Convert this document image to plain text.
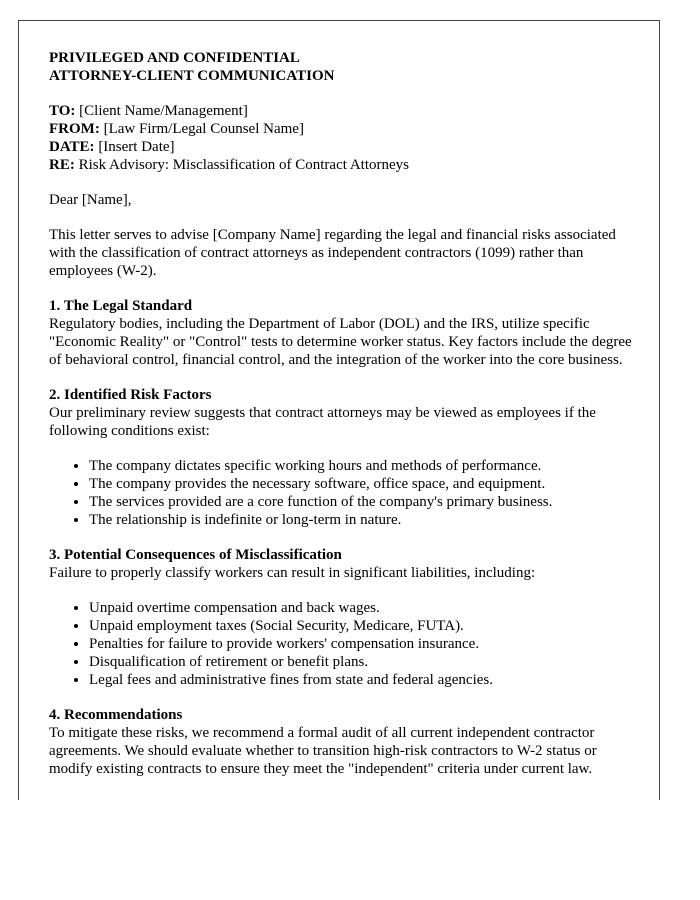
PRIVILEGED AND CONFIDENTIAL
ATTORNEY-CLIENT COMMUNICATION
TO: [Client Name/Management]
FROM: [Law Firm/Legal Counsel Name]
DATE: [Insert Date]
RE: Risk Advisory: Misclassification of Contract Attorneys

Dear [Name],

This letter serves to advise [Company Name] regarding the legal and financial risks associated with the classification of contract attorneys as independent contractors (1099) rather than employees (W-2).

1. The Legal Standard
Regulatory bodies, including the Department of Labor (DOL) and the IRS, utilize specific "Economic Reality" or "Control" tests to determine worker status. Key factors include the degree of behavioral control, financial control, and the integration of the worker into the core business.
2. Identified Risk Factors
Our preliminary review suggests that contract attorneys may be viewed as employees if the following conditions exist:
• The company dictates specific working hours and methods of performance.
• The company provides the necessary software, office space, and equipment.
• The services provided are a core function of the company's primary business.
• The relationship is indefinite or long-term in nature.
3. Potential Consequences of Misclassification
Failure to properly classify workers can result in significant liabilities, including:
• Unpaid overtime compensation and back wages.
• Unpaid employment taxes (Social Security, Medicare, FUTA).
• Penalties for failure to provide workers' compensation insurance.
• Disqualification of retirement or benefit plans.
• Legal fees and administrative fines from state and federal agencies.
4. Recommendations
To mitigate these risks, we recommend a formal audit of all current independent contractor agreements. We should evaluate whether to transition high-risk contractors to W-2 status or modify existing contracts to ensure they meet the "independent" criteria under current law.
